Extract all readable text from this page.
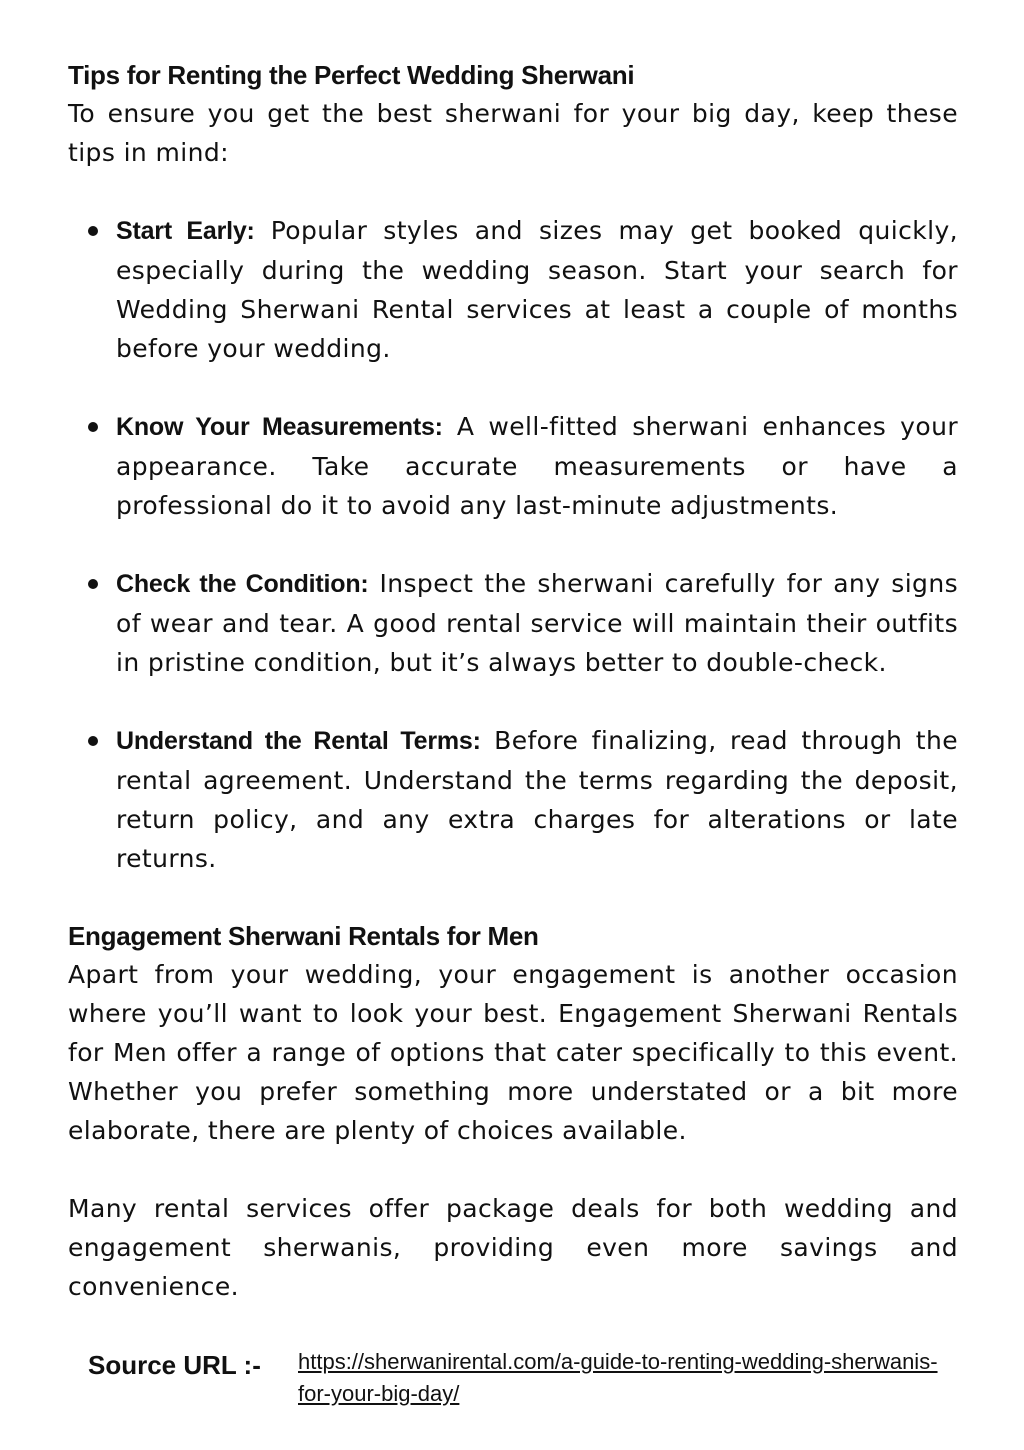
Tips for Renting the Perfect Wedding Sherwani

To ensure you get the best sherwani for your big day, keep these tips in mind:

Start Early: Popular styles and sizes may get booked quickly, especially during the wedding season. Start your search for Wedding Sherwani Rental services at least a couple of months before your wedding.
Know Your Measurements: A well-fitted sherwani enhances your appearance. Take accurate measurements or have a professional do it to avoid any last-minute adjustments.
Check the Condition: Inspect the sherwani carefully for any signs of wear and tear. A good rental service will maintain their outfits in pristine condition, but it’s always better to double-check.
Understand the Rental Terms: Before finalizing, read through the rental agreement. Understand the terms regarding the deposit, return policy, and any extra charges for alterations or late returns.
Engagement Sherwani Rentals for Men

Apart from your wedding, your engagement is another occasion where you’ll want to look your best. Engagement Sherwani Rentals for Men offer a range of options that cater specifically to this event. Whether you prefer something more understated or a bit more elaborate, there are plenty of choices available.

Many rental services offer package deals for both wedding and engagement sherwanis, providing even more savings and convenience.

Source URL :- https://sherwanirental.com/a-guide-to-renting-wedding-sherwanis-for-your-big-day/
